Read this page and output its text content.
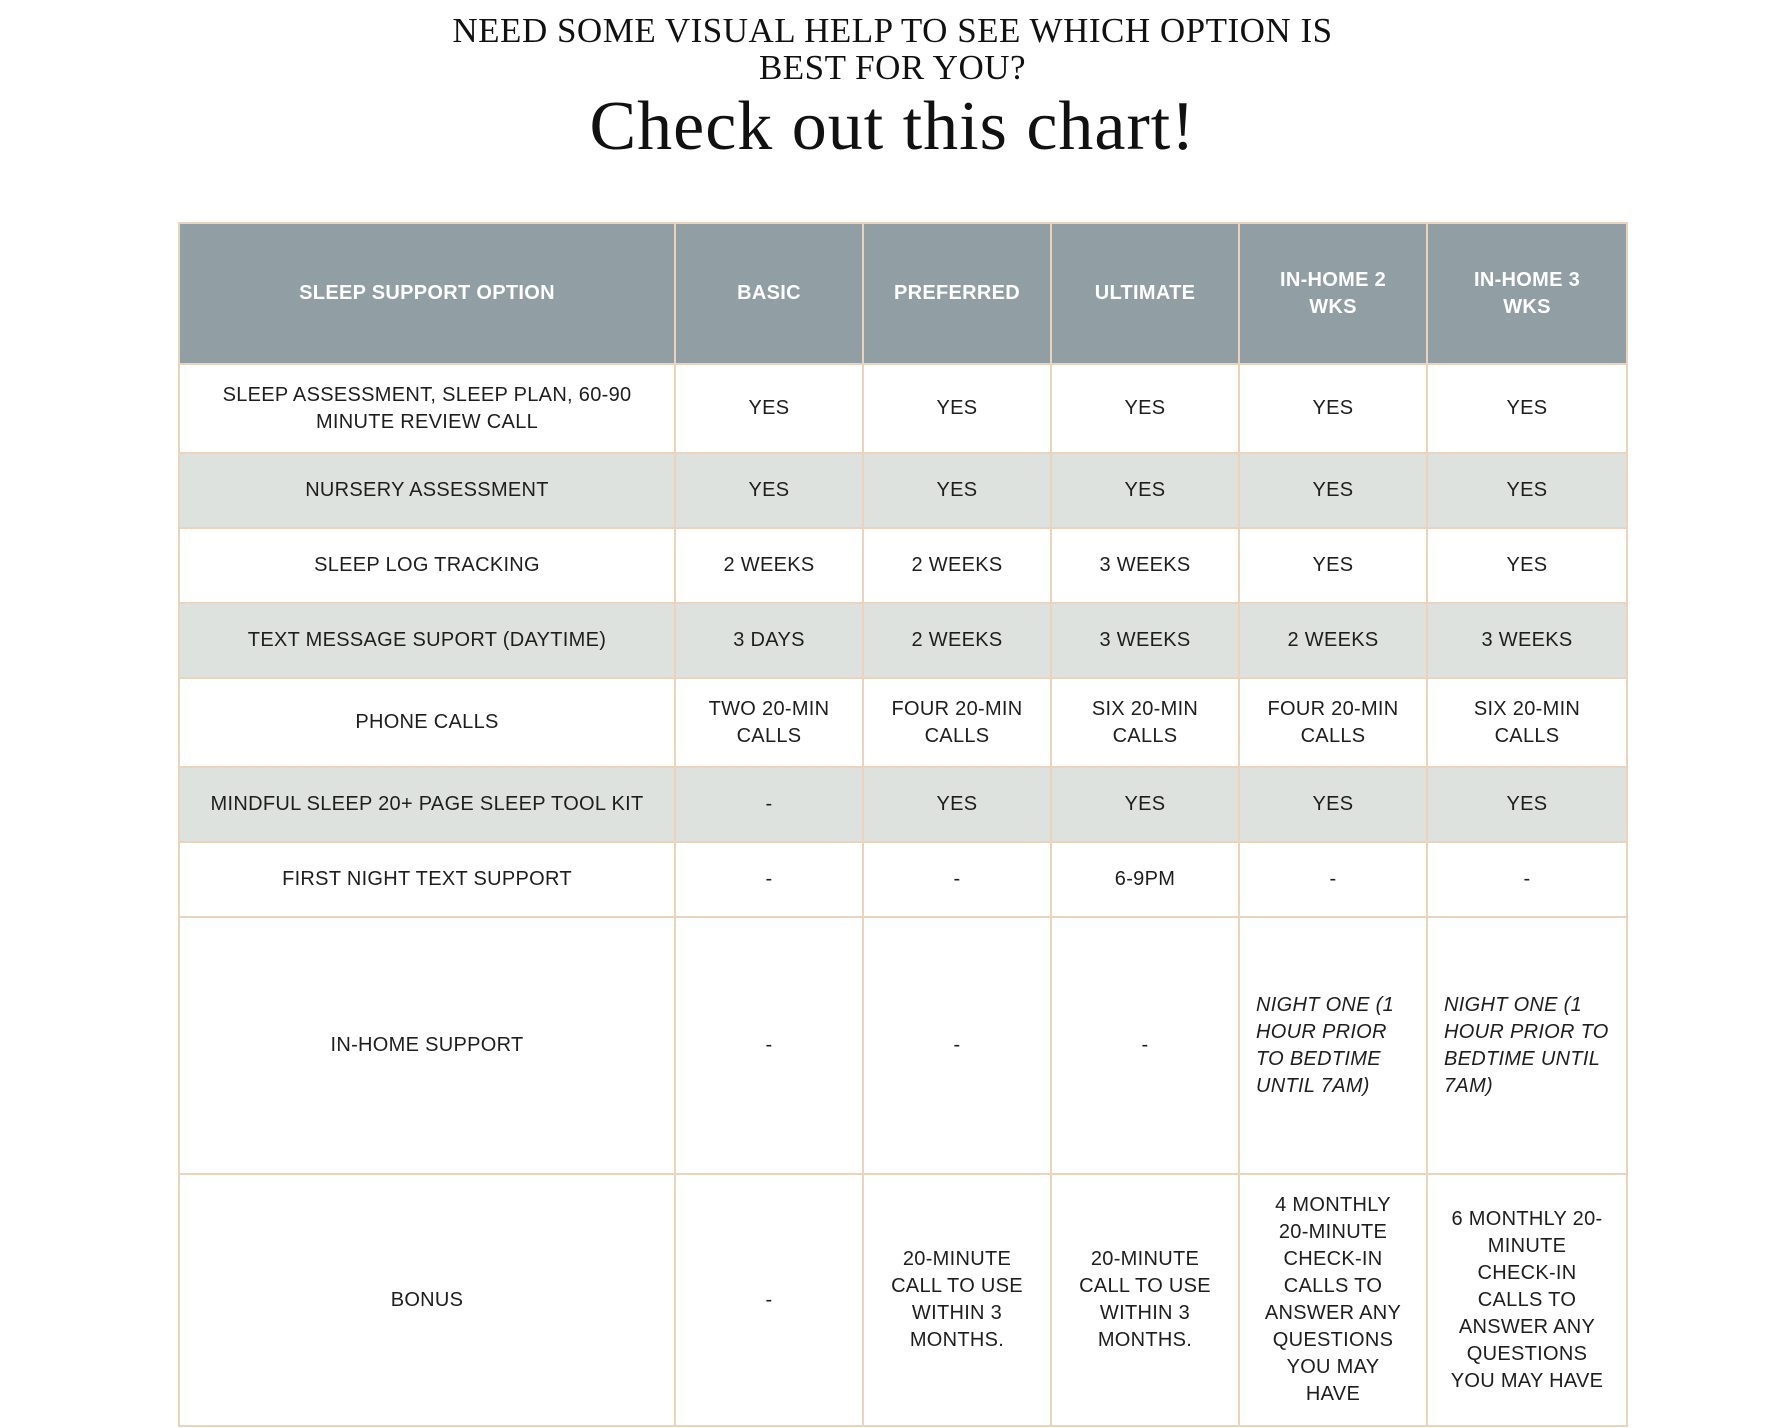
NEED SOME VISUAL HELP TO SEE WHICH OPTION IS BEST FOR YOU?
Check out this chart!
SLEEP SUPPORT OPTION	BASIC	PREFERRED	ULTIMATE	IN-HOME 2 WKS	IN-HOME 3 WKS
SLEEP ASSESSMENT, SLEEP PLAN, 60-90 MINUTE REVIEW CALL	YES	YES	YES	YES	YES
NURSERY ASSESSMENT	YES	YES	YES	YES	YES
SLEEP LOG TRACKING	2 WEEKS	2 WEEKS	3 WEEKS	YES	YES
TEXT MESSAGE SUPORT (DAYTIME)	3 DAYS	2 WEEKS	3 WEEKS	2 WEEKS	3 WEEKS
PHONE CALLS	TWO 20-MIN CALLS	FOUR 20-MIN CALLS	SIX 20-MIN CALLS	FOUR 20-MIN CALLS	SIX 20-MIN CALLS
MINDFUL SLEEP 20+ PAGE SLEEP TOOL KIT	-	YES	YES	YES	YES
FIRST NIGHT TEXT SUPPORT	-	-	6-9PM	-	-
IN-HOME SUPPORT	-	-	-	NIGHT ONE (1 HOUR PRIOR TO BEDTIME UNTIL 7AM)	NIGHT ONE (1 HOUR PRIOR TO BEDTIME UNTIL 7AM)
BONUS	-	20-MINUTE CALL TO USE WITHIN 3 MONTHS.	20-MINUTE CALL TO USE WITHIN 3 MONTHS.	4 MONTHLY 20-MINUTE CHECK-IN CALLS TO ANSWER ANY QUESTIONS YOU MAY HAVE	6 MONTHLY 20-MINUTE CHECK-IN CALLS TO ANSWER ANY QUESTIONS YOU MAY HAVE
